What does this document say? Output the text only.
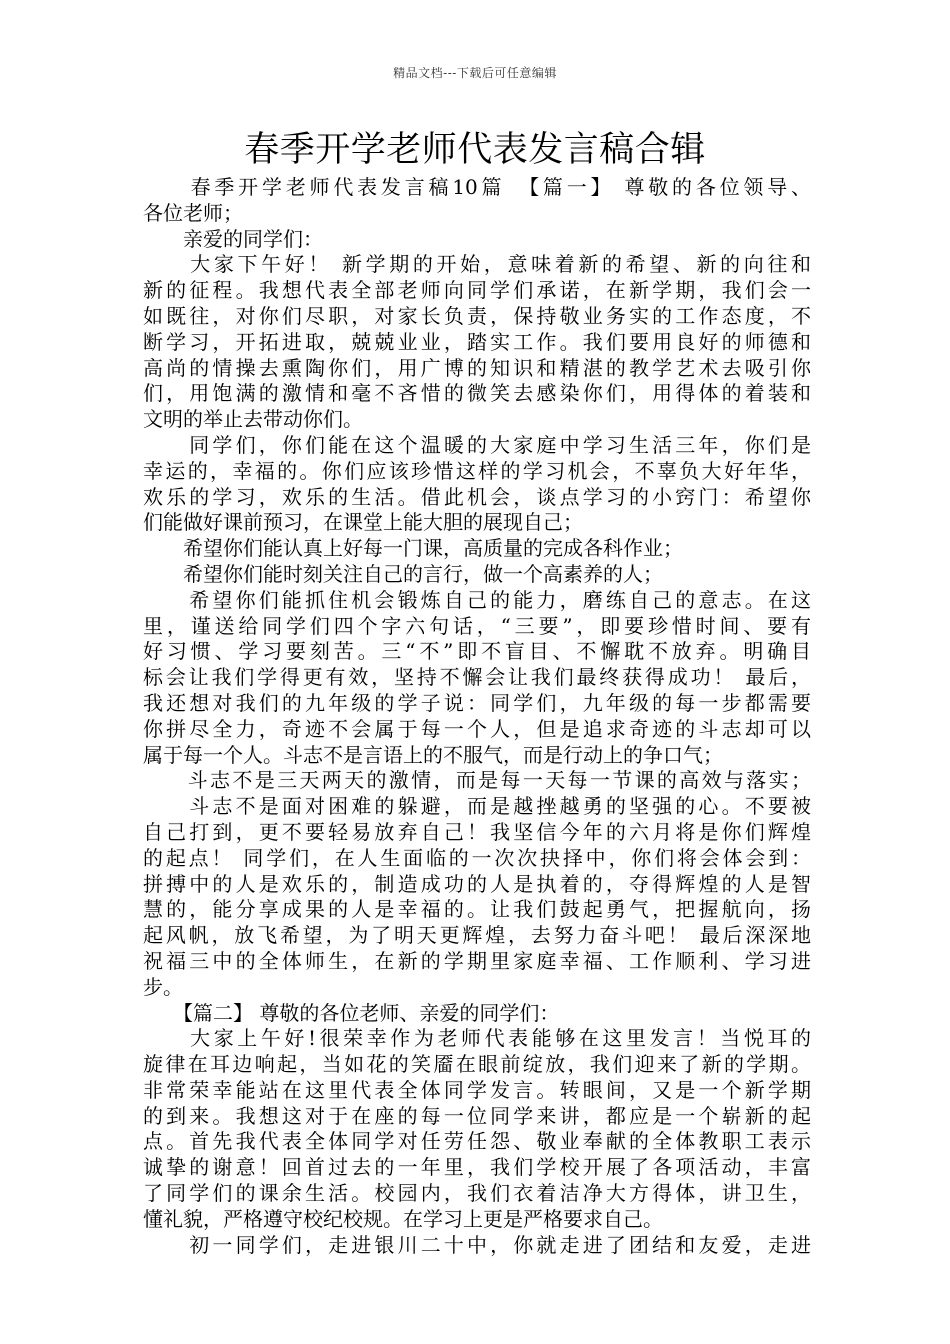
精品文档---下载后可任意编辑
春季开学老师代表发言稿合辑
　　春季开学老师代表发言稿10篇　【篇一】 尊敬的各位领导、
各位老师；
　　亲爱的同学们：
　　大家下午好！ 新学期的开始，意味着新的希望、新的向往和
新的征程。我想代表全部老师向同学们承诺，在新学期，我们会一
如既往，对你们尽职，对家长负责，保持敬业务实的工作态度，不
断学习，开拓进取，兢兢业业，踏实工作。我们要用良好的师德和
高尚的情操去熏陶你们，用广博的知识和精湛的教学艺术去吸引你
们，用饱满的激情和毫不吝惜的微笑去感染你们，用得体的着装和
文明的举止去带动你们。
　　同学们，你们能在这个温暖的大家庭中学习生活三年，你们是
幸运的，幸福的。你们应该珍惜这样的学习机会，不辜负大好年华，
欢乐的学习，欢乐的生活。借此机会，谈点学习的小窍门：希望你
们能做好课前预习，在课堂上能大胆的展现自己；
　　希望你们能认真上好每一门课，高质量的完成各科作业；
　　希望你们能时刻关注自己的言行，做一个高素养的人；
　　希望你们能抓住机会锻炼自己的能力，磨练自己的意志。在这
里，谨送给同学们四个字六句话，“三要”，即要珍惜时间、要有
好习惯、学习要刻苦。三“不”即不盲目、不懈耽不放弃。明确目
标会让我们学得更有效，坚持不懈会让我们最终获得成功！ 最后，
我还想对我们的九年级的学子说：同学们，九年级的每一步都需要
你拼尽全力，奇迹不会属于每一个人，但是追求奇迹的斗志却可以
属于每一个人。斗志不是言语上的不服气，而是行动上的争口气；
　　斗志不是三天两天的激情，而是每一天每一节课的高效与落实；
　　斗志不是面对困难的躲避，而是越挫越勇的坚强的心。不要被
自己打到，更不要轻易放弃自己！我坚信今年的六月将是你们辉煌
的起点！ 同学们，在人生面临的一次次抉择中，你们将会体会到：
拼搏中的人是欢乐的，制造成功的人是执着的，夺得辉煌的人是智
慧的，能分享成果的人是幸福的。让我们鼓起勇气，把握航向，扬
起风帆，放飞希望，为了明天更辉煌，去努力奋斗吧！ 最后深深地
祝福三中的全体师生，在新的学期里家庭幸福、工作顺利、学习进
步。
　　【篇二】 尊敬的各位老师、亲爱的同学们：
　　大家上午好!很荣幸作为老师代表能够在这里发言！当悦耳的
旋律在耳边响起，当如花的笑靥在眼前绽放，我们迎来了新的学期。
非常荣幸能站在这里代表全体同学发言。转眼间，又是一个新学期
的到来。我想这对于在座的每一位同学来讲，都应是一个崭新的起
点。首先我代表全体同学对任劳任怨、敬业奉献的全体教职工表示
诚挚的谢意！回首过去的一年里，我们学校开展了各项活动，丰富
了同学们的课余生活。校园内，我们衣着洁净大方得体，讲卫生，
懂礼貌，严格遵守校纪校规。在学习上更是严格要求自己。
　　初一同学们，走进银川二十中，你就走进了团结和友爱，走进
